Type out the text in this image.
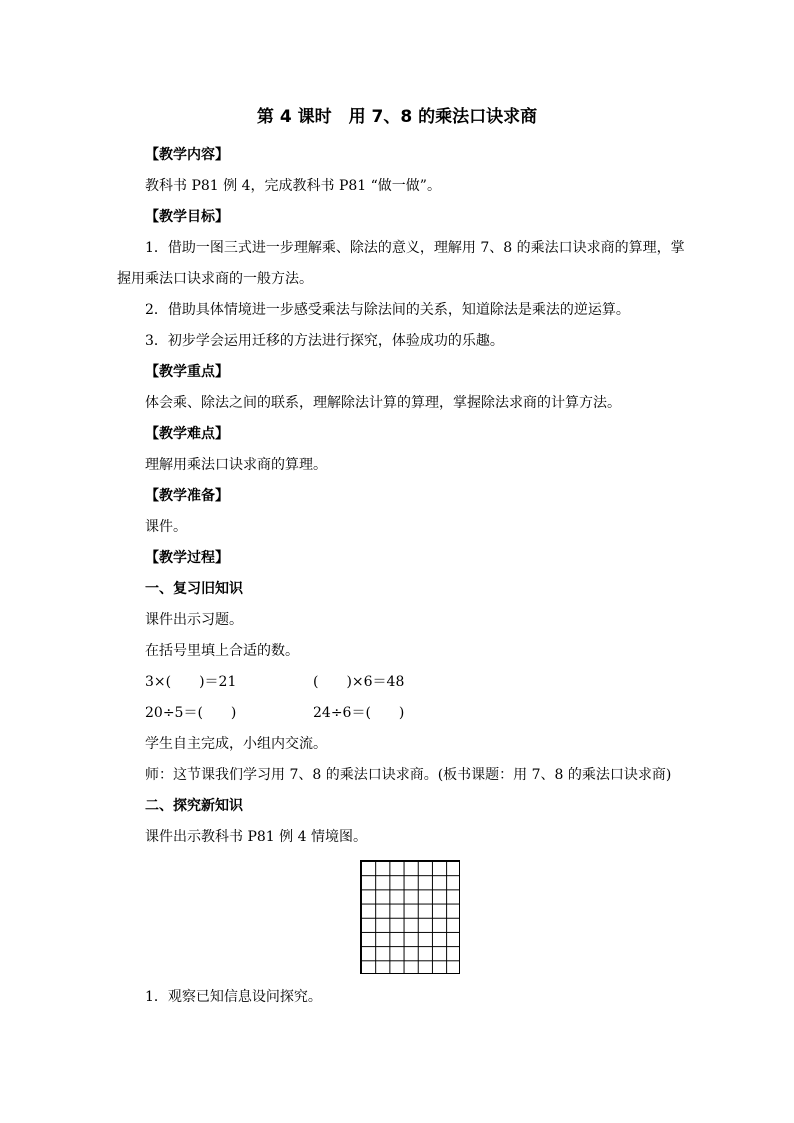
第 4 课时　用 7、8 的乘法口诀求商
【教学内容】
教科书 P81 例 4，完成教科书 P81 “做一做”。
【教学目标】
1．借助一图三式进一步理解乘、除法的意义，理解用 7、8 的乘法口诀求商的算理，掌
握用乘法口诀求商的一般方法。
2．借助具体情境进一步感受乘法与除法间的关系，知道除法是乘法的逆运算。
3．初步学会运用迁移的方法进行探究，体验成功的乐趣。
【教学重点】
体会乘、除法之间的联系，理解除法计算的算理，掌握除法求商的计算方法。
【教学难点】
理解用乘法口诀求商的算理。
【教学准备】
课件。
【教学过程】
一、复习旧知识
课件出示习题。
在括号里填上合适的数。
3×(　　)＝21	(　　)×6＝48
20÷5＝(　　)	24÷6＝(　　)
学生自主完成，小组内交流。
师：这节课我们学习用 7、8 的乘法口诀求商。(板书课题：用 7、8 的乘法口诀求商)
二、探究新知识
课件出示教科书 P81 例 4 情境图。
1．观察已知信息设问探究。
